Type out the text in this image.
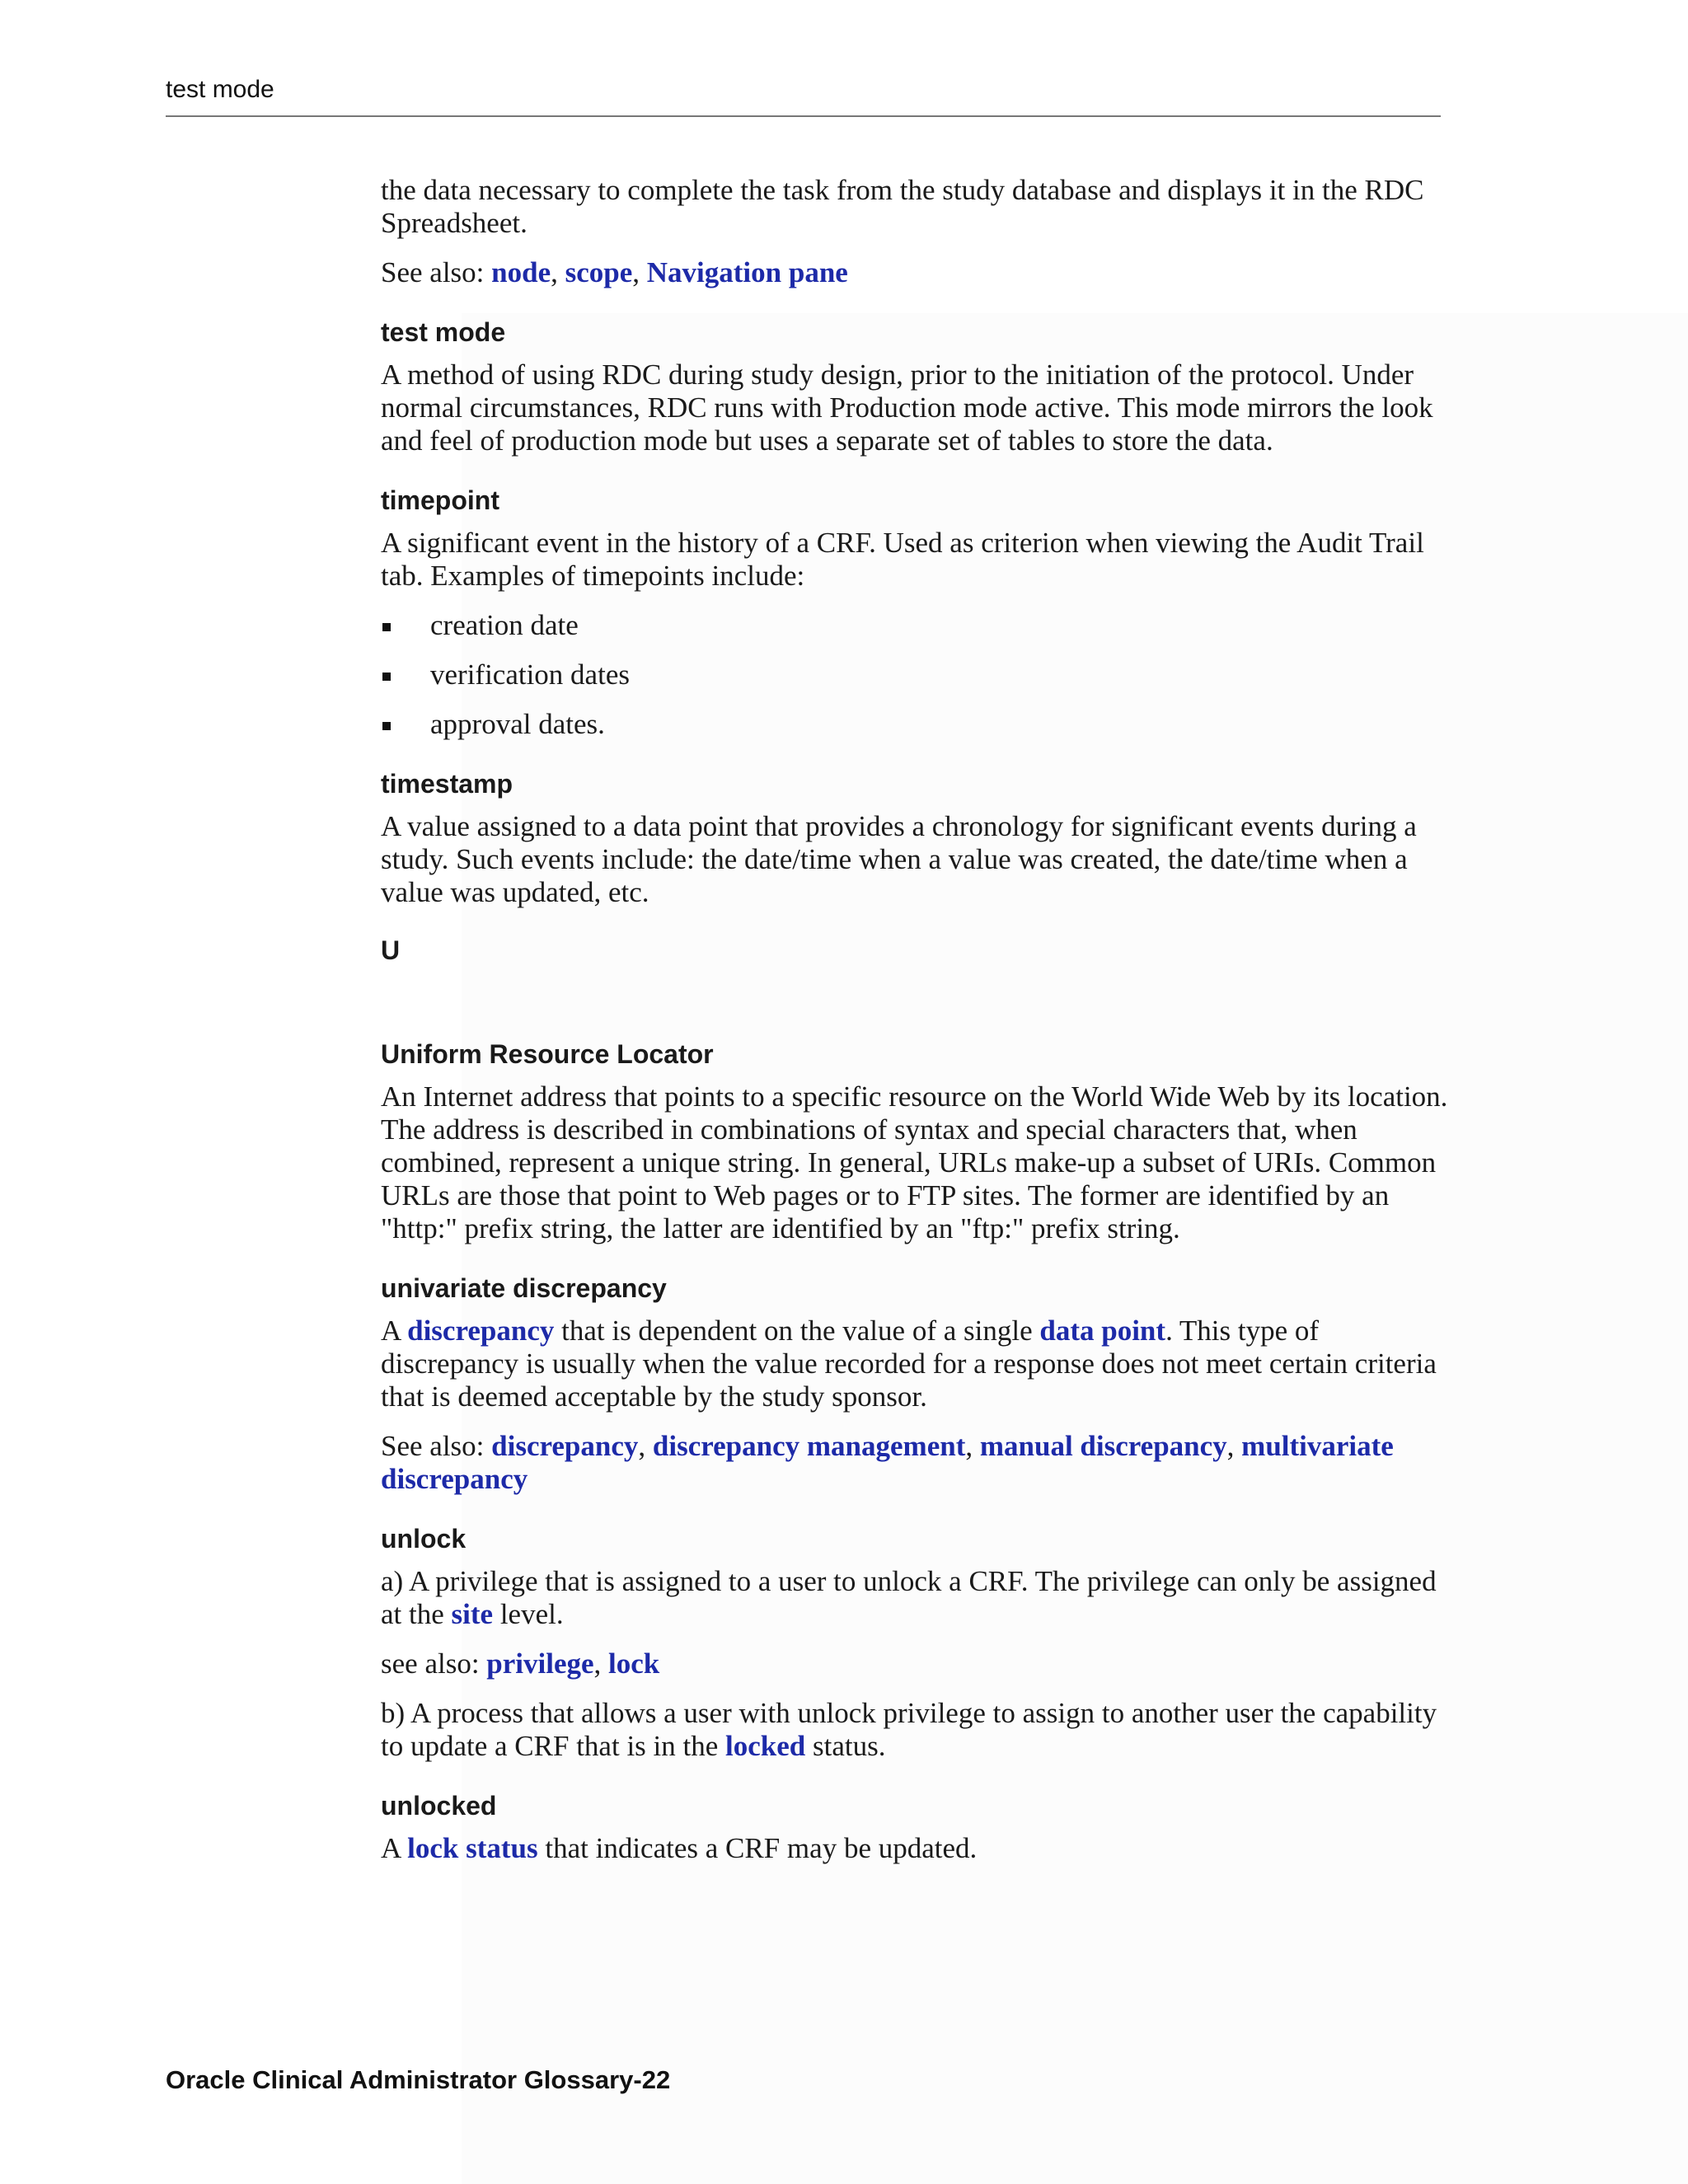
test mode

the data necessary to complete the task from the study database and displays it in the RDC Spreadsheet.

See also: node, scope, Navigation pane

test mode

A method of using RDC during study design, prior to the initiation of the protocol. Under normal circumstances, RDC runs with Production mode active. This mode mirrors the look and feel of production mode but uses a separate set of tables to store the data.

timepoint

A significant event in the history of a CRF. Used as criterion when viewing the Audit Trail tab. Examples of timepoints include:

creation date
verification dates
approval dates.
timestamp

A value assigned to a data point that provides a chronology for significant events during a study. Such events include: the date/time when a value was created, the date/time when a value was updated, etc.

U
Uniform Resource Locator

An Internet address that points to a specific resource on the World Wide Web by its location. The address is described in combinations of syntax and special characters that, when combined, represent a unique string. In general, URLs make-up a subset of URIs. Common URLs are those that point to Web pages or to FTP sites. The former are identified by an "http:" prefix string, the latter are identified by an "ftp:" prefix string.

univariate discrepancy

A discrepancy that is dependent on the value of a single data point. This type of discrepancy is usually when the value recorded for a response does not meet certain criteria that is deemed acceptable by the study sponsor.

See also: discrepancy, discrepancy management, manual discrepancy, multivariate discrepancy

unlock

a) A privilege that is assigned to a user to unlock a CRF. The privilege can only be assigned at the site level.

see also: privilege, lock

b) A process that allows a user with unlock privilege to assign to another user the capability to update a CRF that is in the locked status.

unlocked

A lock status that indicates a CRF may be updated.

Oracle Clinical Administrator Glossary-22
